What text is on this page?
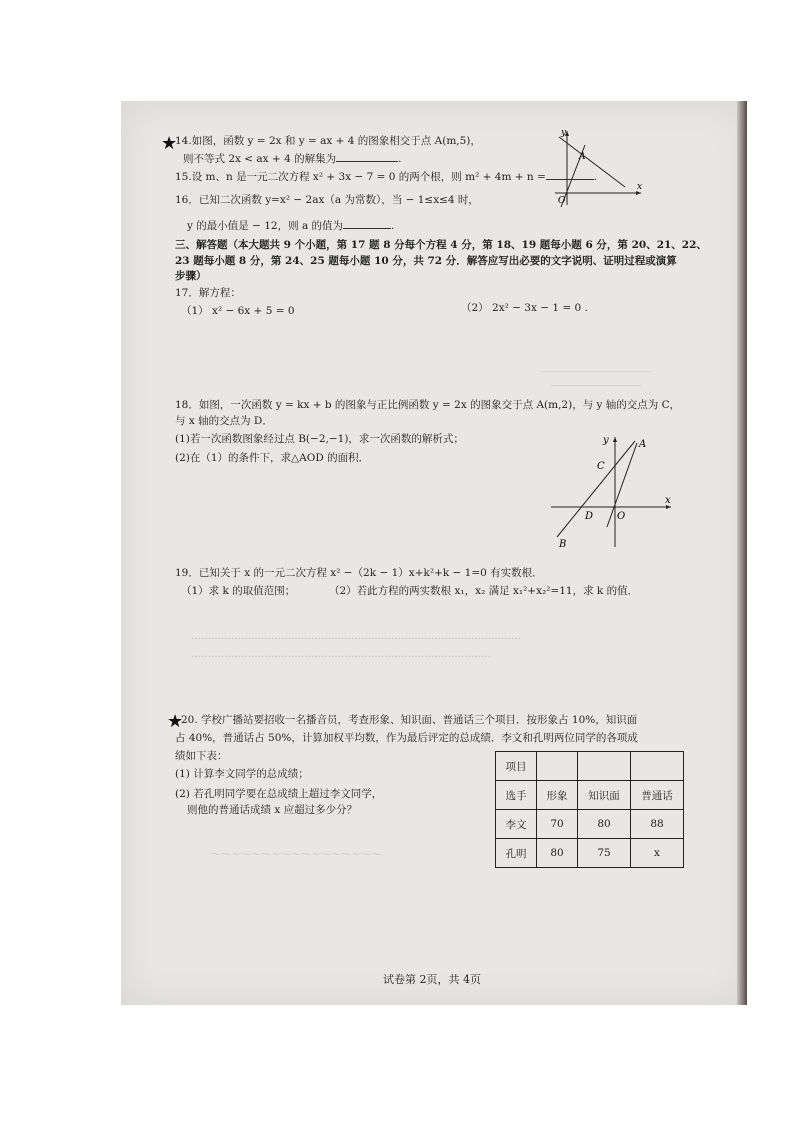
★
14.如图，函数 y = 2x 和 y = ax + 4 的图象相交于点 A(m,5)，
则不等式 2x < ax + 4 的解集为	.
y
x
O
A
15.设 m、n 是一元二次方程 x² + 3x − 7 = 0 的两个根，则 m² + 4m + n =	.
16．已知二次函数 y=x² − 2ax（a 为常数），当 − 1≤x≤4 时，
y 的最小值是 − 12，则 a 的值为	.
三、解答题（本大题共 9 个小题，第 17 题 8 分每个方程 4 分，第 18、19 题每小题 6 分，第 20、21、22、
23 题每小题 8 分，第 24、25 题每小题 10 分，共 72 分．解答应写出必要的文字说明、证明过程或演算
步骤）
17．解方程：
（1） x² − 6x + 5 = 0	（2） 2x² − 3x − 1 = 0 .
＿＿＿＿＿＿＿＿＿＿＿
＿＿＿＿＿＿＿＿＿
18．如图，一次函数 y = kx + b 的图象与正比例函数 y = 2x 的图象交于点 A(m,2)，与 y 轴的交点为 C，
与 x 轴的交点为 D．
(1)若一次函数图象经过点 B(−2,−1)，求一次函数的解析式；
(2)在（1）的条件下，求△AOD 的面积．
y
x
A
C
D O
B
19．已知关于 x 的一元二次方程 x² −（2k − 1）x+k²+k − 1=0 有实数根．
（1）求 k 的取值范围；	（2）若此方程的两实数根 x₁，x₂ 满足 x₁²+x₂²=11，求 k 的值．
………………………………………………………………………………………
………………………………………………………………………………
★
20. 学校广播站要招收一名播音员，考查形象、知识面、普通话三个项目．按形象占 10%，知识面
占 40%，普通话占 50%，计算加权平均数，作为最后评定的总成绩．李文和孔明两位同学的各项成
绩如下表：
(1) 计算李文同学的总成绩；
(2) 若孔明同学要在总成绩上超过李文同学，
则他的普通话成绩 x 应超过多少分？
项目			
选手	形象	知识面	普通话
李文	70	80	88
孔明	80	75	x
～～～～～～～～～～～～～～～～～
试卷第 2页，共 4页
